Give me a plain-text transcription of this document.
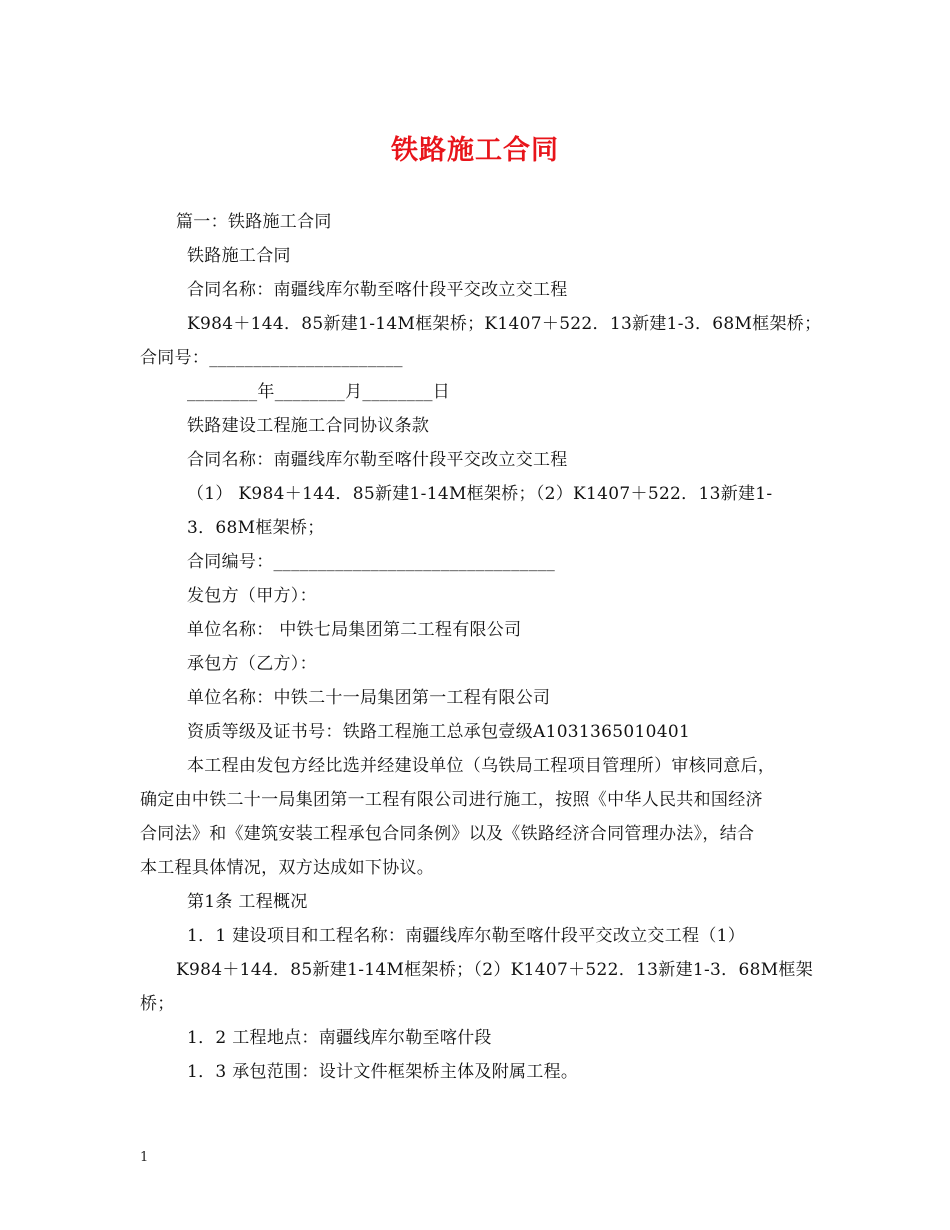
铁路施工合同
篇一：铁路施工合同
铁路施工合同
合同名称：南疆线库尔勒至喀什段平交改立交工程
K984＋144．85新建1-14M框架桥；K1407＋522．13新建1-3．68M框架桥；
合同号：______________________
________年________月________日
铁路建设工程施工合同协议条款
合同名称：南疆线库尔勒至喀什段平交改立交工程
（1） K984＋144．85新建1-14M框架桥；（2）K1407＋522．13新建1-
3．68M框架桥；
合同编号：________________________________
发包方（甲方）：
单位名称： 中铁七局集团第二工程有限公司
承包方（乙方）：
单位名称：中铁二十一局集团第一工程有限公司
资质等级及证书号：铁路工程施工总承包壹级A1031365010401
本工程由发包方经比选并经建设单位（乌铁局工程项目管理所）审核同意后，
确定由中铁二十一局集团第一工程有限公司进行施工，按照《中华人民共和国经济
合同法》和《建筑安装工程承包合同条例》以及《铁路经济合同管理办法》，结合
本工程具体情况，双方达成如下协议。
第1条 工程概况
1．1 建设项目和工程名称：南疆线库尔勒至喀什段平交改立交工程（1）
K984＋144．85新建1-14M框架桥；（2）K1407＋522．13新建1-3．68M框架
桥；
1．2 工程地点：南疆线库尔勒至喀什段
1．3 承包范围：设计文件框架桥主体及附属工程。
1
